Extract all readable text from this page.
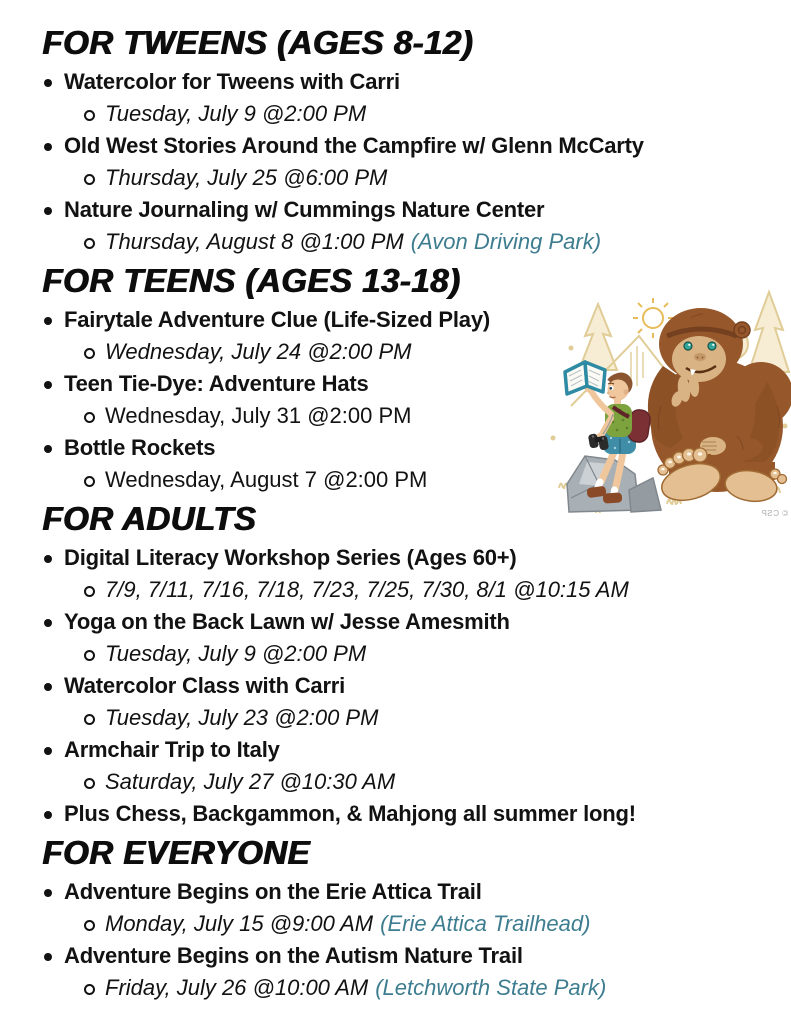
FOR TWEENS (AGES 8-12)
Watercolor for Tweens with Carri
Tuesday, July 9 @2:00 PM
Old West Stories Around the Campfire w/ Glenn McCarty
Thursday, July 25 @6:00 PM
Nature Journaling w/ Cummings Nature Center
Thursday, August 8 @1:00 PM (Avon Driving Park)
FOR TEENS (AGES 13-18)
Fairytale Adventure Clue (Life-Sized Play)
Wednesday, July 24 @2:00 PM
Teen Tie-Dye: Adventure Hats
Wednesday, July 31 @2:00 PM
Bottle Rockets
Wednesday, August 7 @2:00 PM
FOR ADULTS
Digital Literacy Workshop Series (Ages 60+)
7/9, 7/11, 7/16, 7/18, 7/23, 7/25, 7/30, 8/1 @10:15 AM
Yoga on the Back Lawn w/ Jesse Amesmith
Tuesday, July 9 @2:00 PM
Watercolor Class with Carri
Tuesday, July 23 @2:00 PM
Armchair Trip to Italy
Saturday, July 27 @10:30 AM
Plus Chess, Backgammon, & Mahjong all summer long!
FOR EVERYONE
Adventure Begins on the Erie Attica Trail
Monday, July 15 @9:00 AM (Erie Attica Trailhead)
Adventure Begins on the Autism Nature Trail
Friday, July 26 @10:00 AM (Letchworth State Park)
© CSP
